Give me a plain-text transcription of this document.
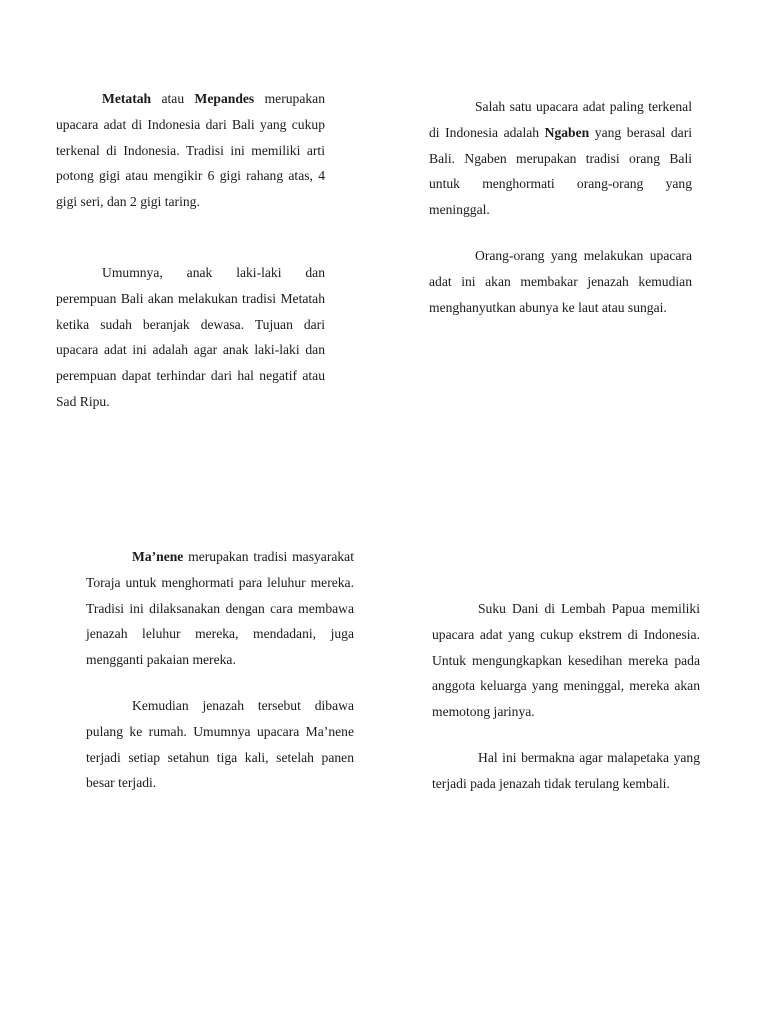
Metatah atau Mepandes merupakan upacara adat di Indonesia dari Bali yang cukup terkenal di Indonesia. Tradisi ini memiliki arti potong gigi atau mengikir 6 gigi rahang atas, 4 gigi seri, dan 2 gigi taring.

Umumnya, anak laki-laki dan perempuan Bali akan melakukan tradisi Metatah ketika sudah beranjak dewasa. Tujuan dari upacara adat ini adalah agar anak laki-laki dan perempuan dapat terhindar dari hal negatif atau Sad Ripu.

Salah satu upacara adat paling terkenal di Indonesia adalah Ngaben yang berasal dari Bali. Ngaben merupakan tradisi orang Bali untuk menghormati orang-orang yang meninggal.

Orang-orang yang melakukan upacara adat ini akan membakar jenazah kemudian menghanyutkan abunya ke laut atau sungai.

Ma’nene merupakan tradisi masyarakat Toraja untuk menghormati para leluhur mereka. Tradisi ini dilaksanakan dengan cara membawa jenazah leluhur mereka, mendadani, juga mengganti pakaian mereka.

Kemudian jenazah tersebut dibawa pulang ke rumah. Umumnya upacara Ma’nene terjadi setiap setahun tiga kali, setelah panen besar terjadi.

Suku Dani di Lembah Papua memiliki upacara adat yang cukup ekstrem di Indonesia. Untuk mengungkapkan kesedihan mereka pada anggota keluarga yang meninggal, mereka akan memotong jarinya.

Hal ini bermakna agar malapetaka yang terjadi pada jenazah tidak terulang kembali.
